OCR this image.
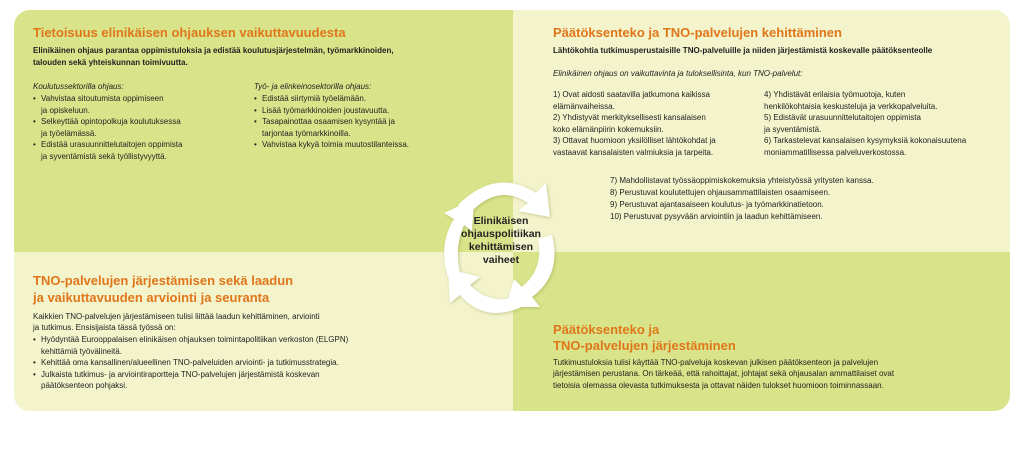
Tietoisuus elinikäisen ohjauksen vaikuttavuudesta
Elinikäinen ohjaus parantaa oppimistuloksia ja edistää koulutusjärjestelmän, työmarkkinoiden,
talouden sekä yhteiskunnan toimivuutta.
Koulutussektorilla ohjaus:
• Vahvistaa sitoutumista oppimiseen
ja opiskeluun.
• Selkeyttää opintopolkuja koulutuksessa
ja työelämässä.
• Edistää urasuunnittelutaitojen oppimista
ja syventämistä sekä työllistyvyyttä.
Työ- ja elinkeinosektorilla ohjaus:
• Edistää siirtymiä työelämään.
• Lisää työmarkkinoiden joustavuutta.
• Tasapainottaa osaamisen kysyntää ja
tarjontaa työmarkkinoilla.
• Vahvistaa kykyä toimia muutostilanteissa.
Päätöksenteko ja TNO-palvelujen kehittäminen
Lähtökohtia tutkimusperustaisille TNO-palveluille ja niiden järjestämistä koskevalle päätöksenteolle
Elinikäinen ohjaus on vaikuttavinta ja tuloksellisinta, kun TNO-palvelut:
1) Ovat aidosti saatavilla jatkumona kaikissa
elämänvaiheissa.
2) Yhdistyvät merkityksellisesti kansalaisen
koko elämänpiirin kokemuksiin.
3) Ottavat huomioon yksilölliset lähtökohdat ja
vastaavat kansalaisten valmiuksia ja tarpeita.
4) Yhdistävät erilaisia työmuotoja, kuten
henkilökohtaisia keskusteluja ja verkkopalveluita.
5) Edistävät urasuunnittelutaitojen oppimista
ja syventämistä.
6) Tarkastelevat kansalaisen kysymyksiä kokonaisuutena
moniammatillisessa palveluverkostossa.
7) Mahdollistavat työssäoppimiskokemuksia yhteistyössä yritysten kanssa.
8) Perustuvat koulutettujen ohjausammattilaisten osaamiseen.
9) Perustuvat ajantasaiseen koulutus- ja työmarkkinatietoon.
10) Perustuvat pysyvään arviointiin ja laadun kehittämiseen.
TNO-palvelujen järjestämisen sekä laadun
ja vaikuttavuuden arviointi ja seuranta
Kaikkien TNO-palvelujen järjestämiseen tulisi liittää laadun kehittäminen, arviointi
ja tutkimus. Ensisijaista tässä työssä on:
• Hyödyntää Eurooppalaisen elinikäisen ohjauksen toimintapolitiikan verkoston (ELGPN)
kehittämiä työvälineitä.
• Kehittää oma kansallinen/alueellinen TNO-palveluiden arviointi- ja tutkimusstrategia.
• Julkaista tutkimus- ja arviointiraportteja TNO-palvelujen järjestämistä koskevan
päätöksenteon pohjaksi.
Päätöksenteko ja
TNO-palvelujen järjestäminen
Tutkimustuloksia tulisi käyttää TNO-palveluja koskevan julkisen päätöksenteon ja palvelujen
järjestämisen perustana. On tärkeää, että rahoittajat, johtajat sekä ohjausalan ammattilaiset ovat
tietoisia olemassa olevasta tutkimuksesta ja ottavat näiden tulokset huomioon toiminnassaan.
Elinikäisen
ohjauspolitiikan
kehittämisen
vaiheet
